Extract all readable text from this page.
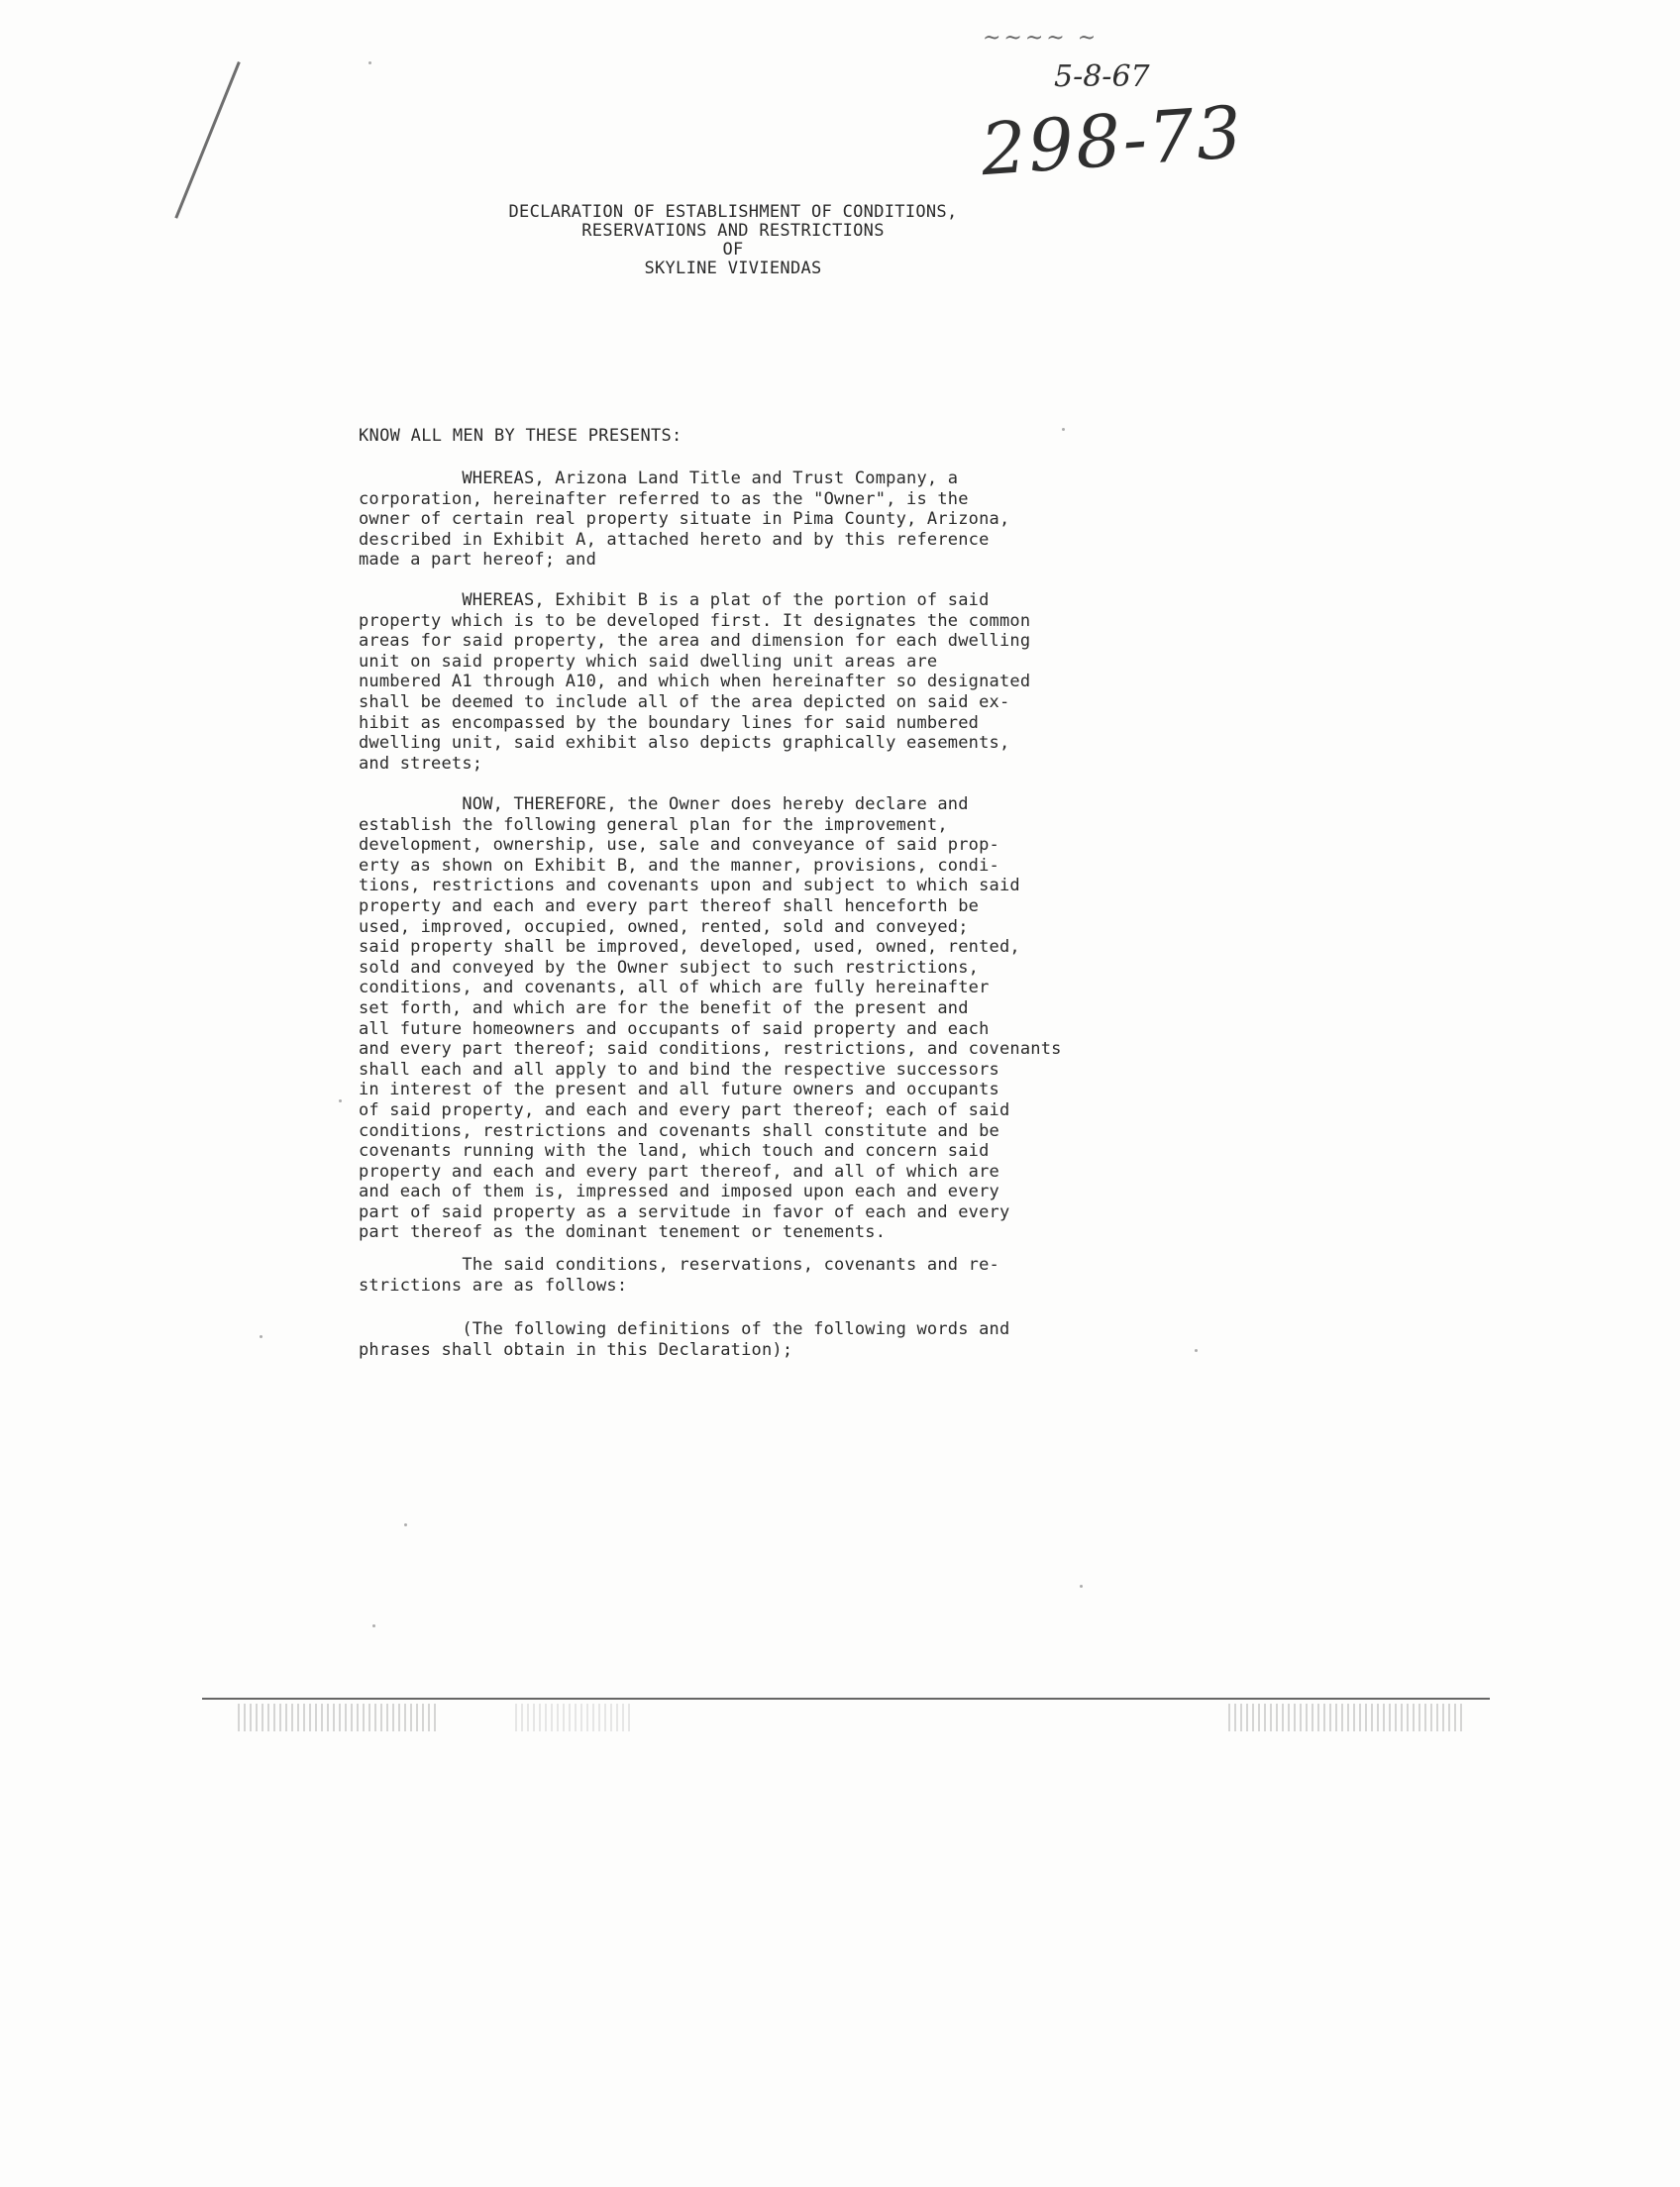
~~~~ ~
5-8-67
298-73
DECLARATION OF ESTABLISHMENT OF CONDITIONS,
RESERVATIONS AND RESTRICTIONS
OF
SKYLINE VIVIENDAS
KNOW ALL MEN BY THESE PRESENTS:
WHEREAS, Arizona Land Title and Trust Company, a
corporation, hereinafter referred to as the "Owner", is the
owner of certain real property situate in Pima County, Arizona,
described in Exhibit A, attached hereto and by this reference
made a part hereof; and
WHEREAS, Exhibit B is a plat of the portion of said
property which is to be developed first. It designates the common
areas for said property, the area and dimension for each dwelling
unit on said property which said dwelling unit areas are
numbered A1 through A10, and which when hereinafter so designated
shall be deemed to include all of the area depicted on said ex-
hibit as encompassed by the boundary lines for said numbered
dwelling unit, said exhibit also depicts graphically easements,
and streets;
NOW, THEREFORE, the Owner does hereby declare and
establish the following general plan for the improvement,
development, ownership, use, sale and conveyance of said prop-
erty as shown on Exhibit B, and the manner, provisions, condi-
tions, restrictions and covenants upon and subject to which said
property and each and every part thereof shall henceforth be
used, improved, occupied, owned, rented, sold and conveyed;
said property shall be improved, developed, used, owned, rented,
sold and conveyed by the Owner subject to such restrictions,
conditions, and covenants, all of which are fully hereinafter
set forth, and which are for the benefit of the present and
all future homeowners and occupants of said property and each
and every part thereof; said conditions, restrictions, and covenants
shall each and all apply to and bind the respective successors
in interest of the present and all future owners and occupants
of said property, and each and every part thereof; each of said
conditions, restrictions and covenants shall constitute and be
covenants running with the land, which touch and concern said
property and each and every part thereof, and all of which are
and each of them is, impressed and imposed upon each and every
part of said property as a servitude in favor of each and every
part thereof as the dominant tenement or tenements.
The said conditions, reservations, covenants and re-
strictions are as follows:
(The following definitions of the following words and
phrases shall obtain in this Declaration);
